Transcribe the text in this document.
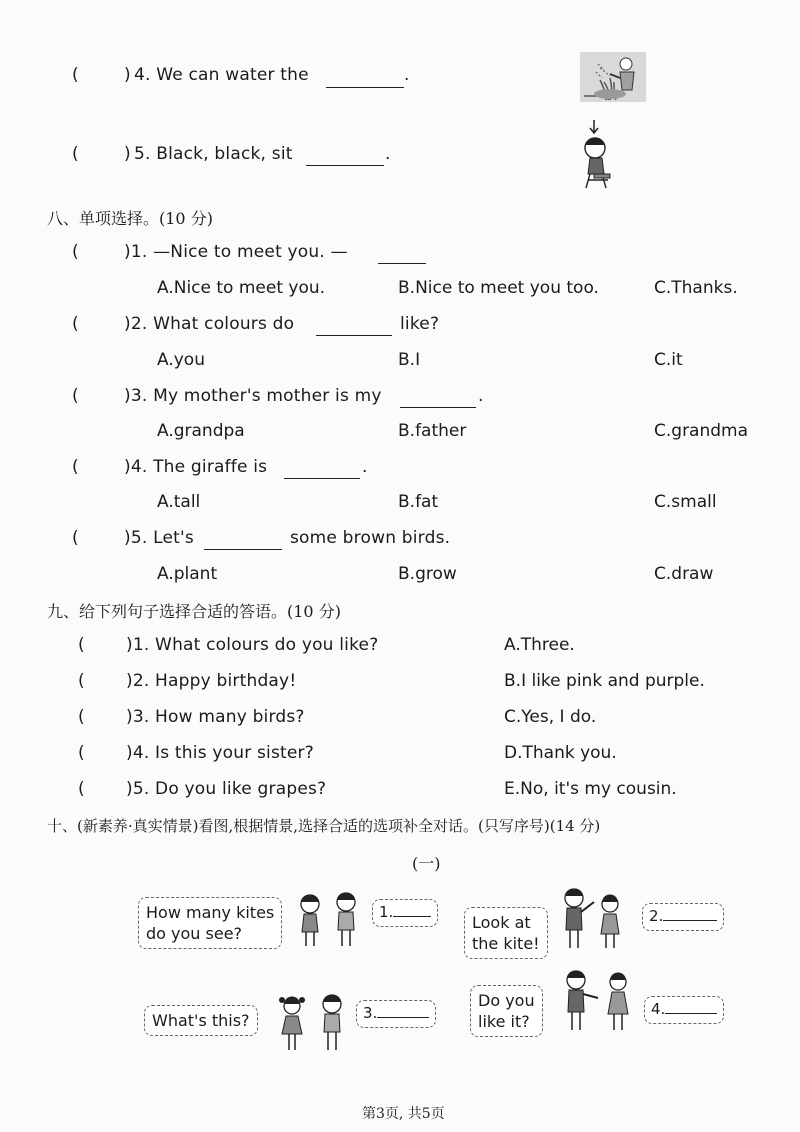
(	) 4. We can water the	.
(	) 5. Black, black, sit	.
八、单项选择。(10 分)
(	)1. —Nice to meet you. —
A.Nice to meet you.	B.Nice to meet you too.	C.Thanks.
(	)2. What colours do	like?
A.you	B.I	C.it
(	)3. My mother's mother is my	.
A.grandpa	B.father	C.grandma
(	)4. The giraffe is	.
A.tall	B.fat	C.small
(	)5. Let's	some brown birds.
A.plant	B.grow	C.draw
九、给下列句子选择合适的答语。(10 分)
( )1. What colours do you like?	A.Three.
( )2. Happy birthday!	B.I like pink and purple.
( )3. How many birds?	C.Yes, I do.
( )4. Is this your sister?	D.Thank you.
( )5. Do you like grapes?	E.No, it's my cousin.
十、(新素养·真实情景)看图,根据情景,选择合适的选项补全对话。(只写序号)(14 分)
(一)
How many kites
do you see?
1.
Look at
the kite!
2.
What's this?	3.
Do you
like it?
4.
第3页, 共5页
